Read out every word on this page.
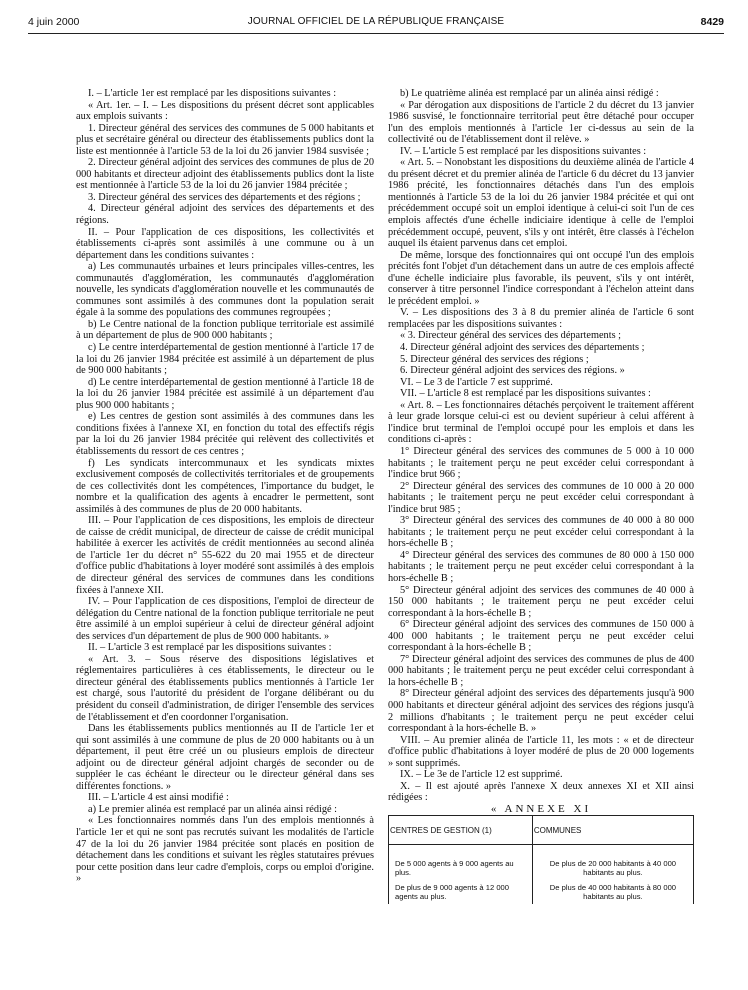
4 juin 2000	JOURNAL OFFICIEL DE LA RÉPUBLIQUE FRANÇAISE	8429

I. – L'article 1er est remplacé par les dispositions suivantes :

« Art. 1er. – I. – Les dispositions du présent décret sont applicables aux emplois suivants :

1. Directeur général des services des communes de 5 000 habitants et plus et secrétaire général ou directeur des établissements publics dont la liste est mentionnée à l'article 53 de la loi du 26 janvier 1984 susvisée ;

2. Directeur général adjoint des services des communes de plus de 20 000 habitants et directeur adjoint des établissements publics dont la liste est mentionnée à l'article 53 de la loi du 26 janvier 1984 précitée ;

3. Directeur général des services des départements et des régions ;

4. Directeur général adjoint des services des départements et des régions.

II. – Pour l'application de ces dispositions, les collectivités et établissements ci-après sont assimilés à une commune ou à un département dans les conditions suivantes :

a) Les communautés urbaines et leurs principales villes-centres, les communautés d'agglomération, les communautés d'agglomération nouvelle, les syndicats d'agglomération nouvelle et les communautés de communes sont assimilés à des communes dont la population serait égale à la somme des populations des communes regroupées ;

b) Le Centre national de la fonction publique territoriale est assimilé à un département de plus de 900 000 habitants ;

c) Le centre interdépartemental de gestion mentionné à l'article 17 de la loi du 26 janvier 1984 précitée est assimilé à un département de plus de 900 000 habitants ;

d) Le centre interdépartemental de gestion mentionné à l'article 18 de la loi du 26 janvier 1984 précitée est assimilé à un département d'au plus 900 000 habitants ;

e) Les centres de gestion sont assimilés à des communes dans les conditions fixées à l'annexe XI, en fonction du total des effectifs régis par la loi du 26 janvier 1984 précitée qui relèvent des collectivités et établissements du ressort de ces centres ;

f) Les syndicats intercommunaux et les syndicats mixtes exclusivement composés de collectivités territoriales et de groupements de ces collectivités dont les compétences, l'importance du budget, le nombre et la qualification des agents à encadrer le permettent, sont assimilés à des communes de plus de 20 000 habitants.

III. – Pour l'application de ces dispositions, les emplois de directeur de caisse de crédit municipal, de directeur de caisse de crédit municipal habilitée à exercer les activités de crédit mentionnées au second alinéa de l'article 1er du décret n° 55-622 du 20 mai 1955 et de directeur d'office public d'habitations à loyer modéré sont assimilés à des emplois de directeur général des services de communes dans les conditions fixées à l'annexe XII.

IV. – Pour l'application de ces dispositions, l'emploi de directeur de délégation du Centre national de la fonction publique territoriale ne peut être assimilé à un emploi supérieur à celui de directeur général adjoint des services d'un département de plus de 900 000 habitants. »

II. – L'article 3 est remplacé par les dispositions suivantes :

« Art. 3. – Sous réserve des dispositions législatives et réglementaires particulières à ces établissements, le directeur ou le directeur général des établissements publics mentionnés à l'article 1er est chargé, sous l'autorité du président de l'organe délibérant ou du président du conseil d'administration, de diriger l'ensemble des services de l'établissement et d'en coordonner l'organisation.

Dans les établissements publics mentionnés au II de l'article 1er et qui sont assimilés à une commune de plus de 20 000 habitants ou à un département, il peut être créé un ou plusieurs emplois de directeur adjoint ou de directeur général adjoint chargés de seconder ou de suppléer le cas échéant le directeur ou le directeur général dans ses différentes fonctions. »

III. – L'article 4 est ainsi modifié :

a) Le premier alinéa est remplacé par un alinéa ainsi rédigé :

« Les fonctionnaires nommés dans l'un des emplois mentionnés à l'article 1er et qui ne sont pas recrutés suivant les modalités de l'article 47 de la loi du 26 janvier 1984 précitée sont placés en position de détachement dans les conditions et suivant les règles statutaires prévues pour cette position dans leur cadre d'emplois, corps ou emploi d'origine. »

b) Le quatrième alinéa est remplacé par un alinéa ainsi rédigé :

« Par dérogation aux dispositions de l'article 2 du décret du 13 janvier 1986 susvisé, le fonctionnaire territorial peut être détaché pour occuper l'un des emplois mentionnés à l'article 1er ci-dessus au sein de la collectivité ou de l'établissement dont il relève. »

IV. – L'article 5 est remplacé par les dispositions suivantes :

« Art. 5. – Nonobstant les dispositions du deuxième alinéa de l'article 4 du présent décret et du premier alinéa de l'article 6 du décret du 13 janvier 1986 précité, les fonctionnaires détachés dans l'un des emplois mentionnés à l'article 53 de la loi du 26 janvier 1984 précitée et qui ont précédemment occupé soit un emploi identique à celui-ci soit l'un de ces emplois affectés d'une échelle indiciaire identique à celle de l'emploi précédemment occupé, peuvent, s'ils y ont intérêt, être classés à l'échelon auquel ils étaient parvenus dans cet emploi.

De même, lorsque des fonctionnaires qui ont occupé l'un des emplois précités font l'objet d'un détachement dans un autre de ces emplois affecté d'une échelle indiciaire plus favorable, ils peuvent, s'ils y ont intérêt, conserver à titre personnel l'indice correspondant à l'échelon atteint dans le précédent emploi. »

V. – Les dispositions des 3 à 8 du premier alinéa de l'article 6 sont remplacées par les dispositions suivantes :

« 3. Directeur général des services des départements ;

4. Directeur général adjoint des services des départements ;

5. Directeur général des services des régions ;

6. Directeur général adjoint des services des régions. »

VI. – Le 3 de l'article 7 est supprimé.

VII. – L'article 8 est remplacé par les dispositions suivantes :

« Art. 8. – Les fonctionnaires détachés perçoivent le traitement afférent à leur grade lorsque celui-ci est ou devient supérieur à celui afférent à l'indice brut terminal de l'emploi occupé pour les emplois et dans les conditions ci-après :

1° Directeur général des services des communes de 5 000 à 10 000 habitants ; le traitement perçu ne peut excéder celui correspondant à l'indice brut 966 ;

2° Directeur général des services des communes de 10 000 à 20 000 habitants ; le traitement perçu ne peut excéder celui correspondant à l'indice brut 985 ;

3° Directeur général des services des communes de 40 000 à 80 000 habitants ; le traitement perçu ne peut excéder celui correspondant à la hors-échelle B ;

4° Directeur général des services des communes de 80 000 à 150 000 habitants ; le traitement perçu ne peut excéder celui correspondant à la hors-échelle B ;

5° Directeur général adjoint des services des communes de 40 000 à 150 000 habitants ; le traitement perçu ne peut excéder celui correspondant à la hors-échelle B ;

6° Directeur général adjoint des services des communes de 150 000 à 400 000 habitants ; le traitement perçu ne peut excéder celui correspondant à la hors-échelle B ;

7° Directeur général adjoint des services des communes de plus de 400 000 habitants ; le traitement perçu ne peut excéder celui correspondant à la hors-échelle B ;

8° Directeur général adjoint des services des départements jusqu'à 900 000 habitants et directeur général adjoint des services des régions jusqu'à 2 millions d'habitants ; le traitement perçu ne peut excéder celui correspondant à la hors-échelle B. »

VIII. – Au premier alinéa de l'article 11, les mots : « et de directeur d'office public d'habitations à loyer modéré de plus de 20 000 logements » sont supprimés.

IX. – Le 3e de l'article 12 est supprimé.

X. – Il est ajouté après l'annexe X deux annexes XI et XII ainsi rédigées :

« ANNEXE XI

CENTRES DE GESTION (1)	COMMUNES
De 5 000 agents à 9 000 agents au plus.	De plus de 20 000 habitants à 40 000 habitants au plus.
De plus de 9 000 agents à 12 000 agents au plus.	De plus de 40 000 habitants à 80 000 habitants au plus.
